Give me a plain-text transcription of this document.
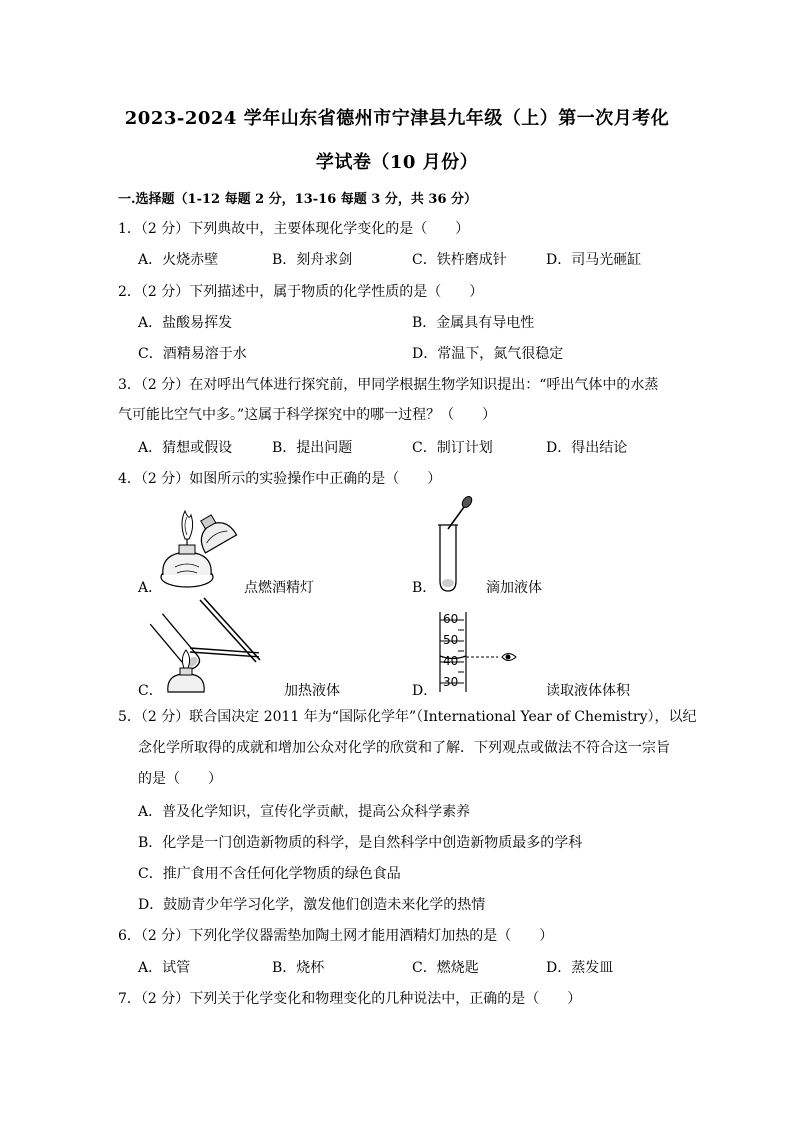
2023-2024 学年山东省德州市宁津县九年级（上）第一次月考化
学试卷（10 月份）
一.选择题（1-12 每题 2 分，13-16 每题 3 分，共 36 分）
1．（2 分）下列典故中，主要体现化学变化的是（　　）
A．火烧赤壁	B．刻舟求剑	C．铁杵磨成针	D．司马光砸缸
2．（2 分）下列描述中，属于物质的化学性质的是（　　）
A．盐酸易挥发	B．金属具有导电性
C．酒精易溶于水	D．常温下，氮气很稳定
3．（2 分）在对呼出气体进行探究前，甲同学根据生物学知识提出：“呼出气体中的水蒸
气可能比空气中多。”这属于科学探究中的哪一过程？（　　）
A．猜想或假设	B．提出问题	C．制订计划	D．得出结论
4．（2 分）如图所示的实验操作中正确的是（　　）
A．	点燃酒精灯	B．	滴加液体
C．	加热液体
60
50
40
30
D．	读取液体体积
5．（2 分）联合国决定 2011 年为“国际化学年”（International Year of Chemistry），以纪
念化学所取得的成就和增加公众对化学的欣赏和了解．下列观点或做法不符合这一宗旨
的是（　　）
A．普及化学知识，宣传化学贡献，提高公众科学素养
B．化学是一门创造新物质的科学，是自然科学中创造新物质最多的学科
C．推广食用不含任何化学物质的绿色食品
D．鼓励青少年学习化学，激发他们创造未来化学的热情
6．（2 分）下列化学仪器需垫加陶土网才能用酒精灯加热的是（　　）
A．试管	B．烧杯	C．燃烧匙	D．蒸发皿
7．（2 分）下列关于化学变化和物理变化的几种说法中，正确的是（　　）
